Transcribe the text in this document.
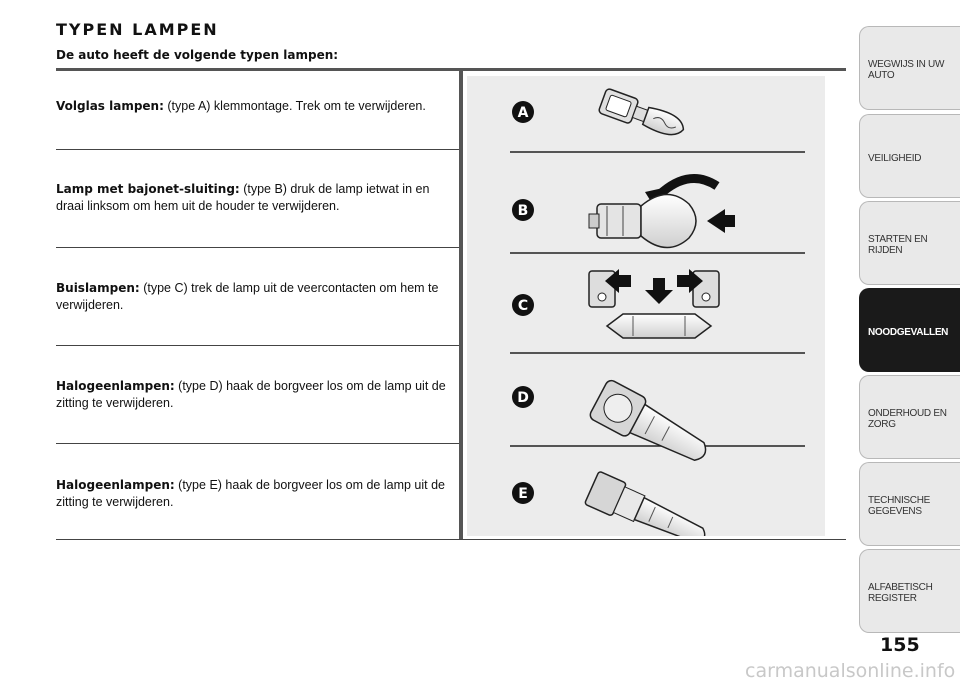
TYPEN LAMPEN
De auto heeft de volgende typen lampen:
Volglas lampen: (type A) klemmontage. Trek om te verwijderen.
Lamp met bajonet-sluiting: (type B) druk de lamp ietwat in en draai linksom om hem uit de houder te verwijderen.
Buislampen: (type C) trek de lamp uit de veercontacten om hem te verwijderen.
Halogeenlampen: (type D) haak de borgveer los om de lamp uit de zitting te verwijderen.
Halogeenlampen: (type E) haak de borgveer los om de lamp uit de zitting te verwijderen.
A
B
C
D
E
WEGWIJS IN UW AUTO
VEILIGHEID
STARTEN EN RIJDEN
NOODGEVALLEN
ONDERHOUD EN ZORG
TECHNISCHE GEGEVENS
ALFABETISCH REGISTER
155
carmanualsonline.info
